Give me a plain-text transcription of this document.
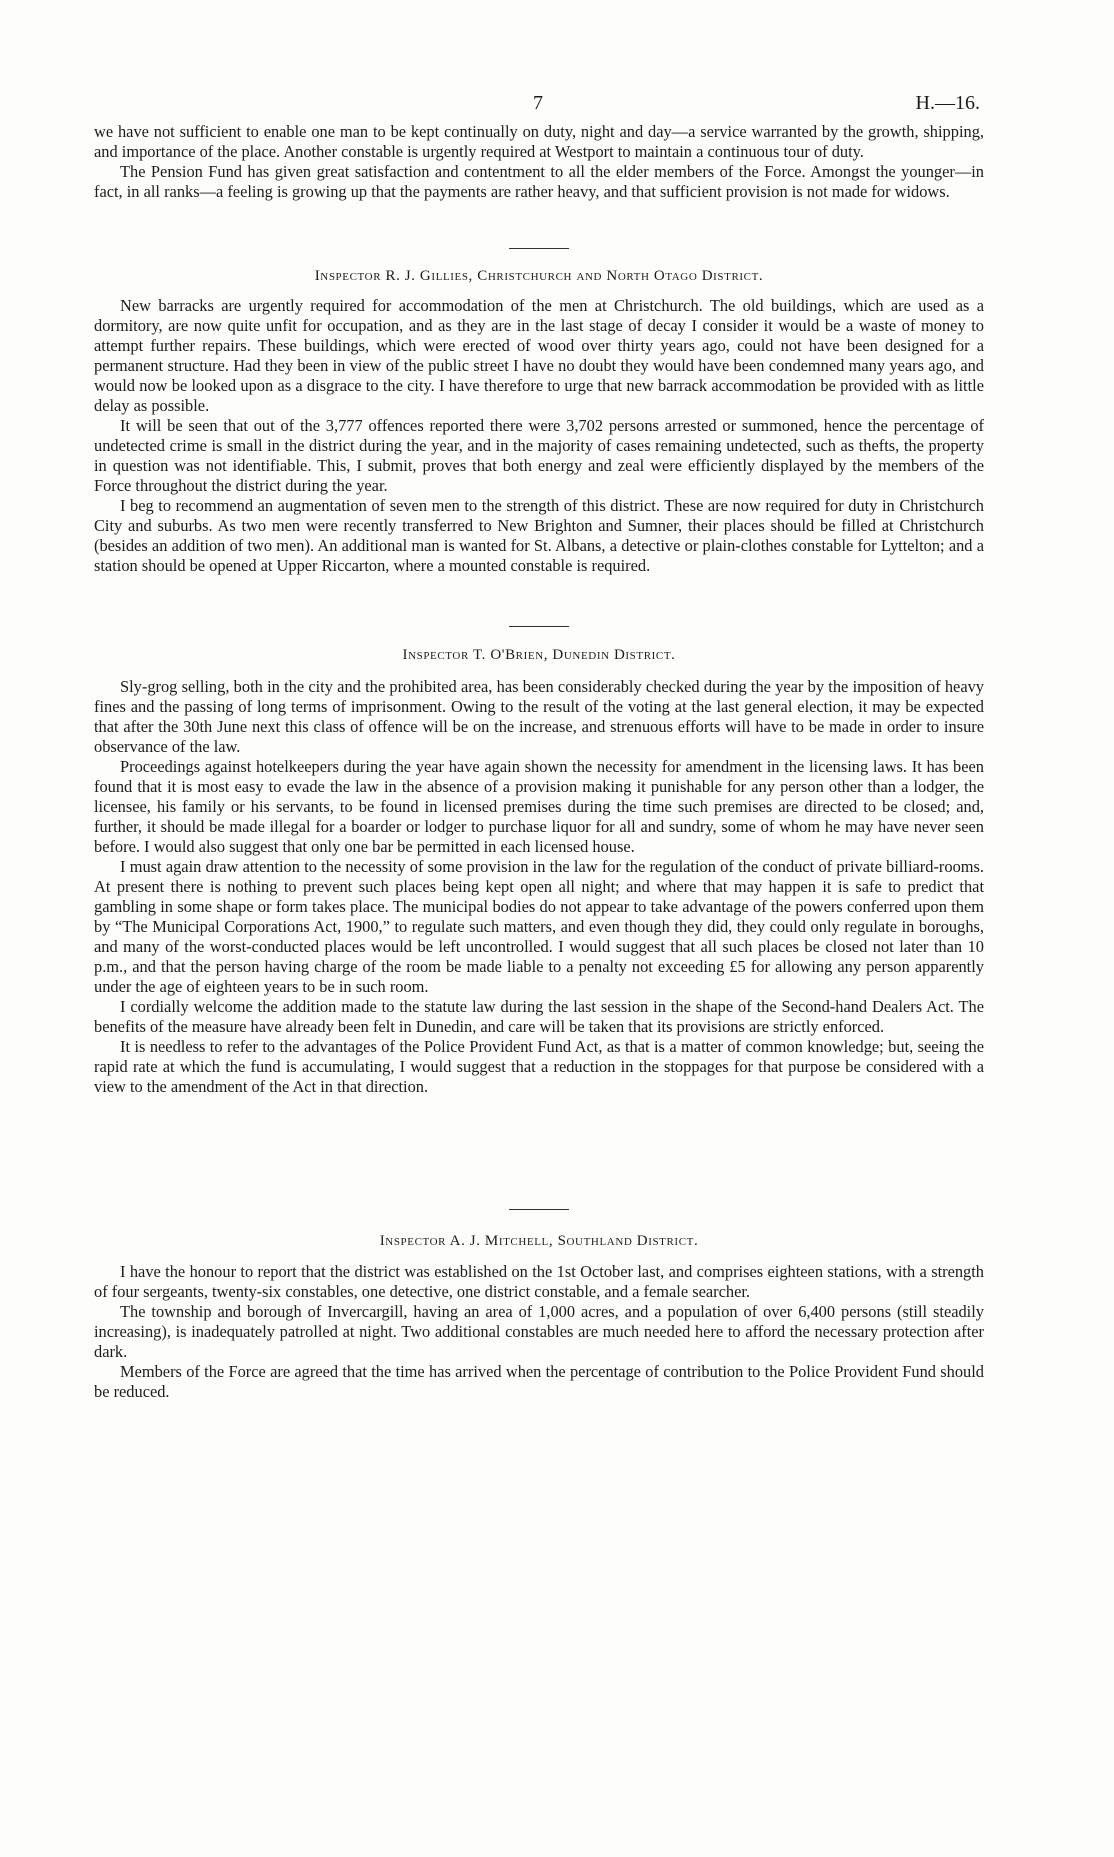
7	H.—16.

we have not sufficient to enable one man to be kept continually on duty, night and day—a service warranted by the growth, shipping, and importance of the place. Another constable is urgently required at Westport to maintain a continuous tour of duty.

The Pension Fund has given great satisfaction and contentment to all the elder members of the Force. Amongst the younger—in fact, in all ranks—a feeling is growing up that the payments are rather heavy, and that sufficient provision is not made for widows.

Inspector R. J. Gillies, Christchurch and North Otago District.

New barracks are urgently required for accommodation of the men at Christchurch. The old buildings, which are used as a dormitory, are now quite unfit for occupation, and as they are in the last stage of decay I consider it would be a waste of money to attempt further repairs. These buildings, which were erected of wood over thirty years ago, could not have been designed for a permanent structure. Had they been in view of the public street I have no doubt they would have been condemned many years ago, and would now be looked upon as a disgrace to the city. I have therefore to urge that new barrack accommodation be provided with as little delay as possible.

It will be seen that out of the 3,777 offences reported there were 3,702 persons arrested or summoned, hence the percentage of undetected crime is small in the district during the year, and in the majority of cases remaining undetected, such as thefts, the property in question was not identifiable. This, I submit, proves that both energy and zeal were efficiently displayed by the members of the Force throughout the district during the year.

I beg to recommend an augmentation of seven men to the strength of this district. These are now required for duty in Christchurch City and suburbs. As two men were recently transferred to New Brighton and Sumner, their places should be filled at Christchurch (besides an addition of two men). An additional man is wanted for St. Albans, a detective or plain-clothes constable for Lyttelton; and a station should be opened at Upper Riccarton, where a mounted constable is required.

Inspector T. O'Brien, Dunedin District.

Sly-grog selling, both in the city and the prohibited area, has been considerably checked during the year by the imposition of heavy fines and the passing of long terms of imprisonment. Owing to the result of the voting at the last general election, it may be expected that after the 30th June next this class of offence will be on the increase, and strenuous efforts will have to be made in order to insure observance of the law.

Proceedings against hotelkeepers during the year have again shown the necessity for amendment in the licensing laws. It has been found that it is most easy to evade the law in the absence of a provision making it punishable for any person other than a lodger, the licensee, his family or his servants, to be found in licensed premises during the time such premises are directed to be closed; and, further, it should be made illegal for a boarder or lodger to purchase liquor for all and sundry, some of whom he may have never seen before. I would also suggest that only one bar be permitted in each licensed house.

I must again draw attention to the necessity of some provision in the law for the regulation of the conduct of private billiard-rooms. At present there is nothing to prevent such places being kept open all night; and where that may happen it is safe to predict that gambling in some shape or form takes place. The municipal bodies do not appear to take advantage of the powers conferred upon them by “The Municipal Corporations Act, 1900,” to regulate such matters, and even though they did, they could only regulate in boroughs, and many of the worst-conducted places would be left uncontrolled. I would suggest that all such places be closed not later than 10 p.m., and that the person having charge of the room be made liable to a penalty not exceeding £5 for allowing any person apparently under the age of eighteen years to be in such room.

I cordially welcome the addition made to the statute law during the last session in the shape of the Second-hand Dealers Act. The benefits of the measure have already been felt in Dunedin, and care will be taken that its provisions are strictly enforced.

It is needless to refer to the advantages of the Police Provident Fund Act, as that is a matter of common knowledge; but, seeing the rapid rate at which the fund is accumulating, I would suggest that a reduction in the stoppages for that purpose be considered with a view to the amendment of the Act in that direction.

Inspector A. J. Mitchell, Southland District.

I have the honour to report that the district was established on the 1st October last, and comprises eighteen stations, with a strength of four sergeants, twenty-six constables, one detective, one district constable, and a female searcher.

The township and borough of Invercargill, having an area of 1,000 acres, and a population of over 6,400 persons (still steadily increasing), is inadequately patrolled at night. Two additional constables are much needed here to afford the necessary protection after dark.

Members of the Force are agreed that the time has arrived when the percentage of contribution to the Police Provident Fund should be reduced.
